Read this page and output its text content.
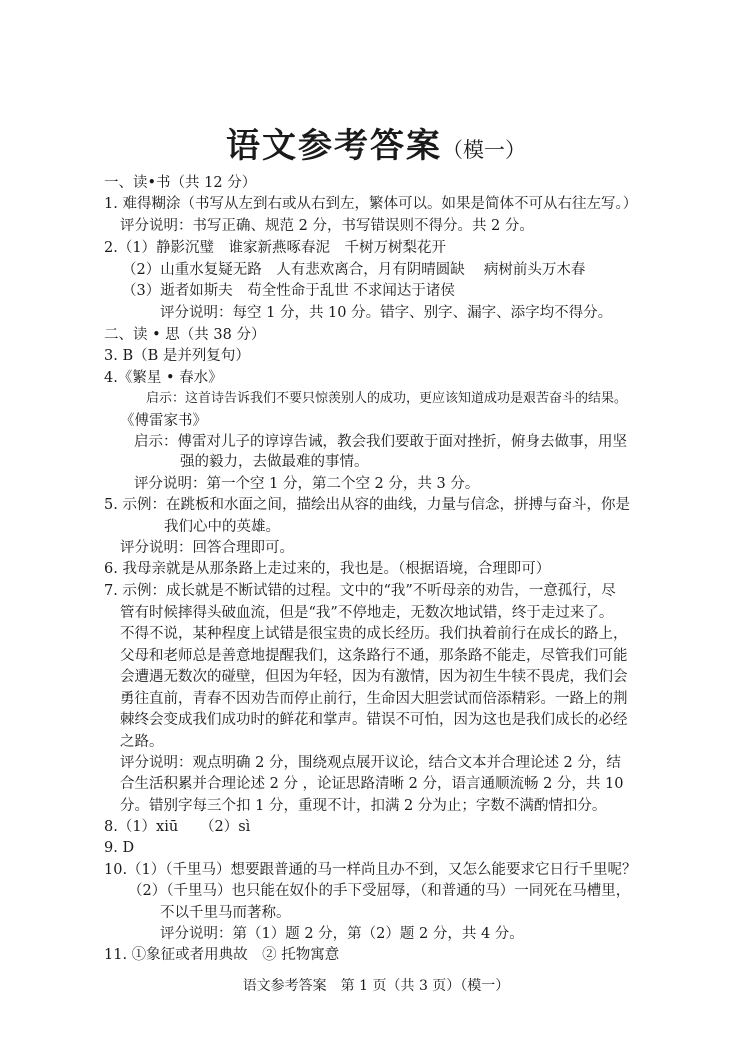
语文参考答案（模一）
一、读•书（共 12 分）
1. 难得糊涂（书写从左到右或从右到左，繁体可以。如果是简体不可从右往左写。）
评分说明：书写正确、规范 2 分，书写错误则不得分。共 2 分。
2.（1）静影沉璧　谁家新燕啄春泥　千树万树梨花开
（2）山重水复疑无路　人有悲欢离合，月有阴晴圆缺　 病树前头万木春
（3）逝者如斯夫　苟全性命于乱世 不求闻达于诸侯
评分说明：每空 1 分，共 10 分。错字、别字、漏字、添字均不得分。
二、读 • 思（共 38 分）
3. B（B 是并列复句）
4.《繁星 • 春水》
启示：这首诗告诉我们不要只惊羡别人的成功，更应该知道成功是艰苦奋斗的结果。
《傅雷家书》
启示：傅雷对儿子的谆谆告诫，教会我们要敢于面对挫折，俯身去做事，用坚
强的毅力，去做最难的事情。
评分说明：第一个空 1 分，第二个空 2 分，共 3 分。
5. 示例：在跳板和水面之间，描绘出从容的曲线，力量与信念，拼搏与奋斗，你是
我们心中的英雄。
评分说明：回答合理即可。
6. 我母亲就是从那条路上走过来的，我也是。（根据语境，合理即可）
7. 示例：成长就是不断试错的过程。文中的“我”不听母亲的劝告，一意孤行，尽
管有时候摔得头破血流，但是“我”不停地走，无数次地试错，终于走过来了。
不得不说，某种程度上试错是很宝贵的成长经历。我们执着前行在成长的路上，
父母和老师总是善意地提醒我们，这条路行不通，那条路不能走，尽管我们可能
会遭遇无数次的碰壁，但因为年轻，因为有激情，因为初生牛犊不畏虎，我们会
勇往直前，青春不因劝告而停止前行，生命因大胆尝试而倍添精彩。一路上的荆
棘终会变成我们成功时的鲜花和掌声。错误不可怕，因为这也是我们成长的必经
之路。
评分说明：观点明确 2 分，围绕观点展开议论，结合文本并合理论述 2 分，结
合生活积累并合理论述 2 分 ，论证思路清晰 2 分，语言通顺流畅 2 分，共 10
分。错别字每三个扣 1 分，重现不计，扣满 2 分为止；字数不满酌情扣分。
8.（1）xiū　　（2）sì
9. D
10.（1）（千里马）想要跟普通的马一样尚且办不到，又怎么能要求它日行千里呢？
（2）（千里马）也只能在奴仆的手下受屈辱，（和普通的马）一同死在马槽里，
不以千里马而著称。
评分说明：第（1）题 2 分，第（2）题 2 分，共 4 分。
11. ①象征或者用典故　② 托物寓意
语文参考答案　第 1 页（共 3 页）（模一）
